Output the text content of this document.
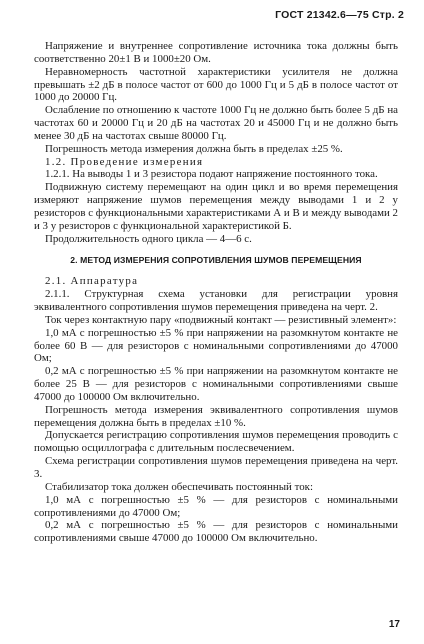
ГОСТ 21342.6—75 Стр. 2

Напряжение и внутреннее сопротивление источника тока должны быть соответственно 20±1 В и 1000±20 Ом.

Неравномерность частотной характеристики усилителя не должна превышать ±2 дБ в полосе частот от 600 до 1000 Гц и 5 дБ в полосе частот от 1000 до 20000 Гц.

Ослабление по отношению к частоте 1000 Гц не должно быть более 5 дБ на частотах 60 и 20000 Гц и 20 дБ на частотах 20 и 45000 Гц и не должно быть менее 30 дБ на частотах свыше 80000 Гц.

Погрешность метода измерения должна быть в пределах ±25 %.

1.2. Проведение измерения

1.2.1. На выводы 1 и 3 резистора подают напряжение постоянного тока.

Подвижную систему перемещают на один цикл и во время перемещения измеряют напряжение шумов перемещения между выводами 1 и 2 у резисторов с функциональными характеристиками А и В и между выводами 2 и 3 у резисторов с функциональной характеристикой Б.

Продолжительность одного цикла — 4—6 с.

2. МЕТОД ИЗМЕРЕНИЯ СОПРОТИВЛЕНИЯ ШУМОВ ПЕРЕМЕЩЕНИЯ

2.1. Аппаратура

2.1.1. Структурная схема установки для регистрации уровня эквивалентного сопротивления шумов перемещения приведена на черт. 2.

Ток через контактную пару «подвижный контакт — резистивный элемент»:

1,0 мА с погрешностью ±5 % при напряжении на разомкнутом контакте не более 60 В — для резисторов с номинальными сопротивлениями до 47000 Ом;

0,2 мА с погрешностью ±5 % при напряжении на разомкнутом контакте не более 25 В — для резисторов с номинальными сопротивлениями свыше 47000 до 100000 Ом включительно.

Погрешность метода измерения эквивалентного сопротивления шумов перемещения должна быть в пределах ±10 %.

Допускается регистрацию сопротивления шумов перемещения проводить с помощью осциллографа с длительным послесвечением.

Схема регистрации сопротивления шумов перемещения приведена на черт. 3.

Стабилизатор тока должен обеспечивать постоянный ток:

1,0 мА с погрешностью ±5 % — для резисторов с номинальными сопротивлениями до 47000 Ом;

0,2 мА с погрешностью ±5 % — для резисторов с номинальными сопротивлениями свыше 47000 до 100000 Ом включительно.

17
